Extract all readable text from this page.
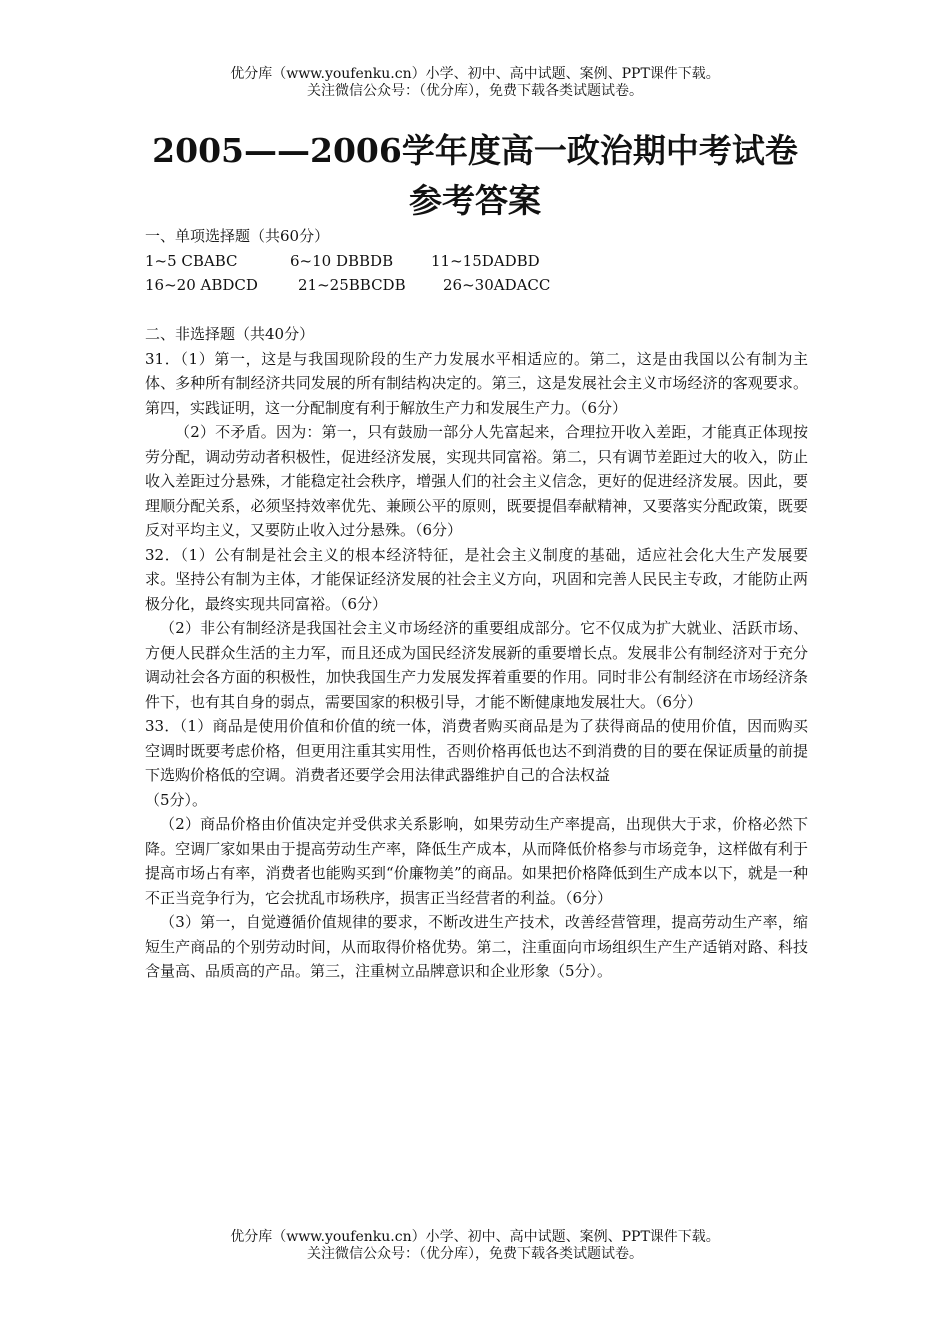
优分库（www.youfenku.cn）小学、初中、高中试题、案例、PPT课件下载。
关注微信公众号：（优分库），免费下载各类试题试卷。
2005——2006学年度高一政治期中考试卷
参考答案

一、单项选择题（共60分）

1~5 CBABC	6~10 DBBDB	11~15DADBD
16~20 ABDCD	21~25BBCDB 26~30ADACC

二、非选择题（共40分）

31．（1）第一，这是与我国现阶段的生产力发展水平相适应的。第二，这是由我国以公有制为主体、多种所有制经济共同发展的所有制结构决定的。第三，这是发展社会主义市场经济的客观要求。第四，实践证明，这一分配制度有利于解放生产力和发展生产力。（6分）

（2）不矛盾。因为：第一，只有鼓励一部分人先富起来，合理拉开收入差距，才能真正体现按劳分配，调动劳动者积极性，促进经济发展，实现共同富裕。第二，只有调节差距过大的收入，防止收入差距过分悬殊，才能稳定社会秩序，增强人们的社会主义信念，更好的促进经济发展。因此，要理顺分配关系，必须坚持效率优先、兼顾公平的原则，既要提倡奉献精神，又要落实分配政策，既要反对平均主义，又要防止收入过分悬殊。（6分）

32．（1）公有制是社会主义的根本经济特征，是社会主义制度的基础，适应社会化大生产发展要求。坚持公有制为主体，才能保证经济发展的社会主义方向，巩固和完善人民民主专政，才能防止两极分化，最终实现共同富裕。（6分）

（2）非公有制经济是我国社会主义市场经济的重要组成部分。它不仅成为扩大就业、活跃市场、方便人民群众生活的主力军，而且还成为国民经济发展新的重要增长点。发展非公有制经济对于充分调动社会各方面的积极性，加快我国生产力发展发挥着重要的作用。同时非公有制经济在市场经济条件下，也有其自身的弱点，需要国家的积极引导，才能不断健康地发展壮大。（6分）

33．（1）商品是使用价值和价值的统一体，消费者购买商品是为了获得商品的使用价值，因而购买空调时既要考虑价格，但更用注重其实用性，否则价格再低也达不到消费的目的要在保证质量的前提下选购价格低的空调。消费者还要学会用法律武器维护自己的合法权益

（5分）。

（2）商品价格由价值决定并受供求关系影响，如果劳动生产率提高，出现供大于求，价格必然下降。空调厂家如果由于提高劳动生产率，降低生产成本，从而降低价格参与市场竞争，这样做有利于提高市场占有率，消费者也能购买到“价廉物美”的商品。如果把价格降低到生产成本以下，就是一种不正当竞争行为，它会扰乱市场秩序，损害正当经营者的利益。（6分）

（3）第一，自觉遵循价值规律的要求，不断改进生产技术，改善经营管理，提高劳动生产率，缩短生产商品的个别劳动时间，从而取得价格优势。第二，注重面向市场组织生产生产适销对路、科技含量高、品质高的产品。第三，注重树立品牌意识和企业形象（5分）。

优分库（www.youfenku.cn）小学、初中、高中试题、案例、PPT课件下载。
关注微信公众号：（优分库），免费下载各类试题试卷。
